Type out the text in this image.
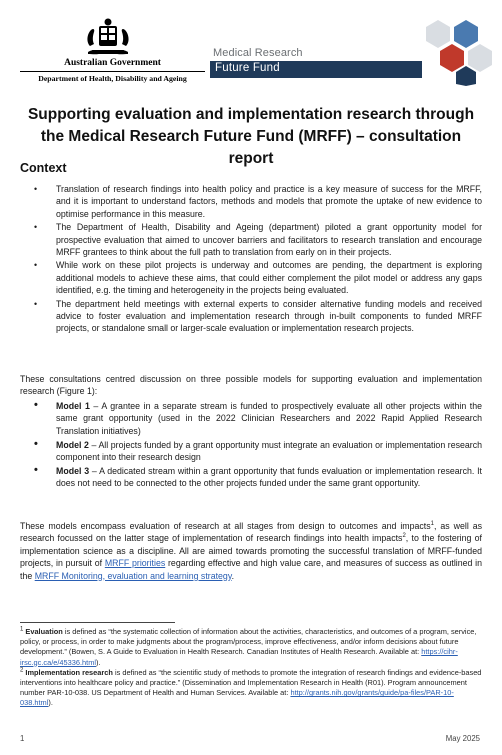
Australian Government
Department of Health, Disability and Ageing
Medical Research
Future Fund
Supporting evaluation and implementation research through the Medical Research Future Fund (MRFF) – consultation report
Context
• Translation of research findings into health policy and practice is a key measure of success for the MRFF, and it is important to understand factors, methods and models that promote the uptake of new evidence to optimise performance in this measure.
• The Department of Health, Disability and Ageing (department) piloted a grant opportunity model for prospective evaluation that aimed to uncover barriers and facilitators to research translation and encourage MRFF grantees to think about the full path to translation from early on in their projects.
• While work on these pilot projects is underway and outcomes are pending, the department is exploring additional models to achieve these aims, that could either complement the pilot model or address any gaps identified, e.g. the timing and heterogeneity in the projects being evaluated.
• The department held meetings with external experts to consider alternative funding models and received advice to foster evaluation and implementation research through in-built components to funded MRFF projects, or standalone small or larger-scale evaluation or implementation research projects.

These consultations centred discussion on three possible models for supporting evaluation and implementation research (Figure 1):

• Model 1 – A grantee in a separate stream is funded to prospectively evaluate all other projects within the same grant opportunity (used in the 2022 Clinician Researchers and 2022 Rapid Applied Research Translation initiatives)
• Model 2 – All projects funded by a grant opportunity must integrate an evaluation or implementation research component into their research design
• Model 3 – A dedicated stream within a grant opportunity that funds evaluation or implementation research. It does not need to be connected to the other projects funded under the same grant opportunity.

These models encompass evaluation of research at all stages from design to outcomes and impacts$^1$, as well as research focussed on the latter stage of implementation of research findings into health impacts$^2$, to the fostering of implementation science as a discipline. All are aimed towards promoting the successful translation of MRFF-funded projects, in pursuit of MRFF priorities regarding effective and high value care, and measures of success as outlined in the MRFF Monitoring, evaluation and learning strategy.

$^1$ Evaluation is defined as “the systematic collection of information about the activities, characteristics, and outcomes of a program, service, policy, or process, in order to make judgments about the program/process, improve effectiveness, and/or inform decisions about future development.” (Bowen, S. A Guide to Evaluation in Health Research. Canadian Institutes of Health Research. Available at: https://cihr-irsc.gc.ca/e/45336.html).

$^2$ Implementation research is defined as “the scientific study of methods to promote the integration of research findings and evidence-based interventions into healthcare policy and practice.” (Dissemination and Implementation Research in Health (R01). Program announcement number PAR-10-038. US Department of Health and Human Services. Available at: http://grants.nih.gov/grants/guide/pa-files/PAR-10-038.html).

1	May 2025
